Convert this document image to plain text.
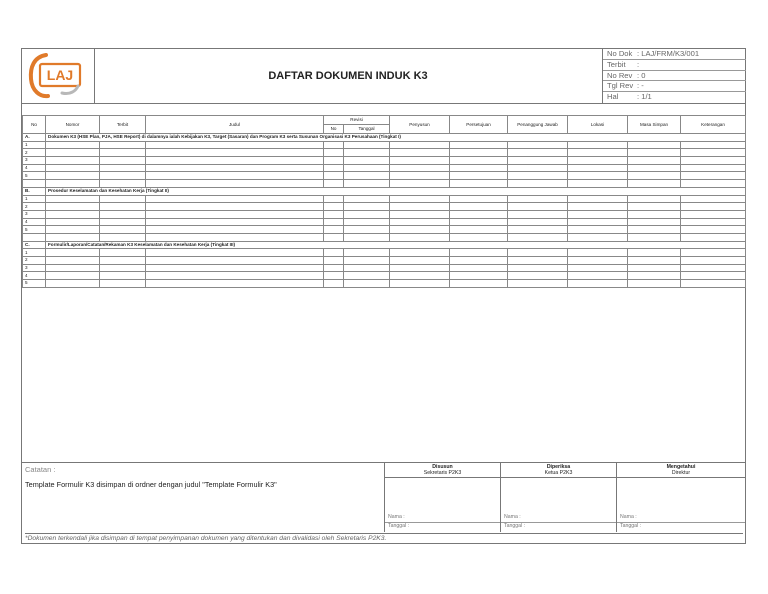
LAJ	DAFTAR DOKUMEN INDUK K3
No Dok : LAJ/FRM/K3/001
Terbit :
No Rev : 0
Tgl Rev : -
Hal : 1/1
No	Nomor	Terbit	Judul	Revisi		Penyusun	Persetujuan	Penanggung Jawab	Lokasi	Masa Simpan	Keterangan
				No	Tanggal						
A.	Dokumen K3 (HSE Plan, PJA, HSE Report) di dalamnya ialah Kebijakan K3, Target (Sasaran) dan Program K3 serta Susunan Organisasi K3 Perusahaan (Tingkat I)										
1											
2											
3											
4											
5											

B.	Prosedur Keselamatan dan Kesehatan Kerja (Tingkat II)										
1											
2											
3											
4											
5											

C.	Formulir/Laporan/Catatan/Rekaman K3 Keselamatan dan Kesehatan Kerja (Tingkat III)										
1											
2											
3											
4											
5											
Catatan :
Template Formulir K3 disimpan di ordner dengan judul "Template Formulir K3"
Disusun
Sekretaris P2K3
Nama :
Tanggal :
Diperiksa
Ketua P2K3
Nama :
Tanggal :
Mengetahui
Direktur
Nama :
Tanggal :
*Dokumen terkendali jika disimpan di tempat penyimpanan dokumen yang ditentukan dan divalidasi oleh Sekretaris P2K3.
